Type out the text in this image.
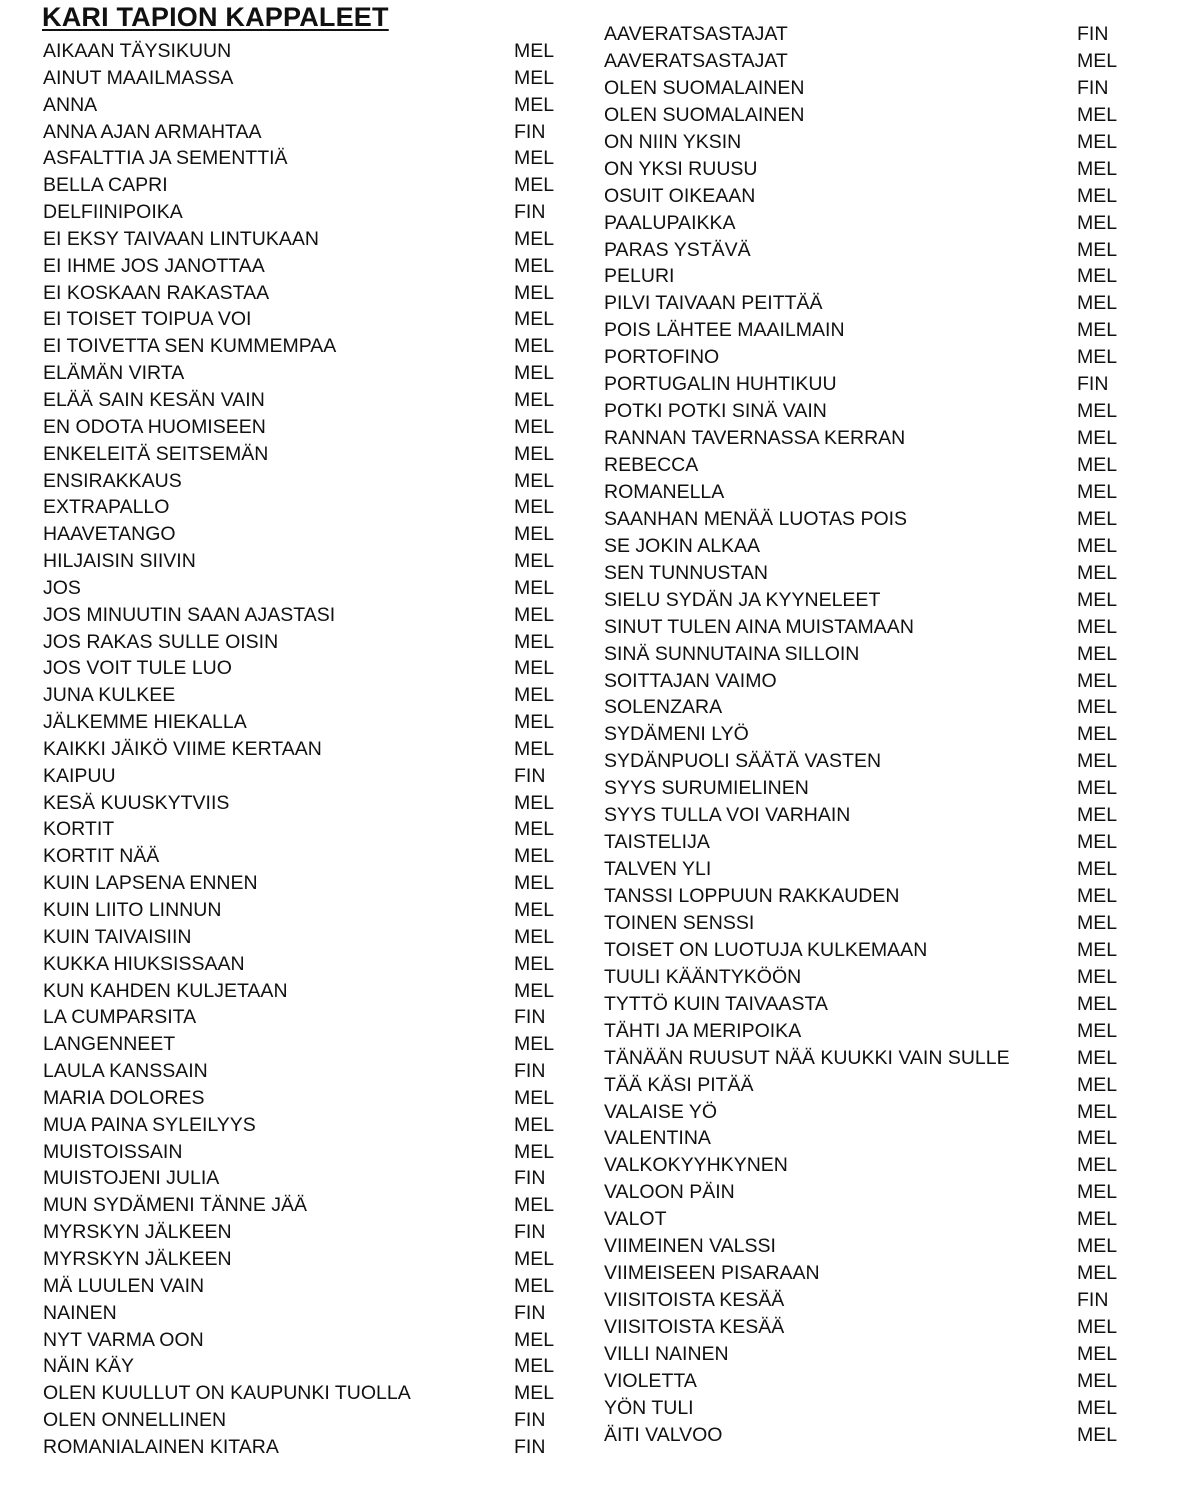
KARI TAPION KAPPALEET
AIKAAN TÄYSIKUUN	MEL
AINUT MAAILMASSA	MEL
ANNA	MEL
ANNA AJAN ARMAHTAA	FIN
ASFALTTIA JA SEMENTTIÄ	MEL
BELLA CAPRI	MEL
DELFIINIPOIKA	FIN
EI EKSY TAIVAAN LINTUKAAN	MEL
EI IHME JOS JANOTTAA	MEL
EI KOSKAAN RAKASTAA	MEL
EI TOISET TOIPUA VOI	MEL
EI TOIVETTA SEN KUMMEMPAA	MEL
ELÄMÄN VIRTA	MEL
ELÄÄ SAIN KESÄN VAIN	MEL
EN ODOTA HUOMISEEN	MEL
ENKELEITÄ SEITSEMÄN	MEL
ENSIRAKKAUS	MEL
EXTRAPALLO	MEL
HAAVETANGO	MEL
HILJAISIN SIIVIN	MEL
JOS	MEL
JOS MINUUTIN SAAN AJASTASI	MEL
JOS RAKAS SULLE OISIN	MEL
JOS VOIT TULE LUO	MEL
JUNA KULKEE	MEL
JÄLKEMME HIEKALLA	MEL
KAIKKI JÄIKÖ VIIME KERTAAN	MEL
KAIPUU	FIN
KESÄ KUUSKYTVIIS	MEL
KORTIT	MEL
KORTIT NÄÄ	MEL
KUIN LAPSENA ENNEN	MEL
KUIN LIITO LINNUN	MEL
KUIN TAIVAISIIN	MEL
KUKKA HIUKSISSAAN	MEL
KUN KAHDEN KULJETAAN	MEL
LA CUMPARSITA	FIN
LANGENNEET	MEL
LAULA KANSSAIN	FIN
MARIA DOLORES	MEL
MUA PAINA SYLEILYYS	MEL
MUISTOISSAIN	MEL
MUISTOJENI JULIA	FIN
MUN SYDÄMENI TÄNNE JÄÄ	MEL
MYRSKYN JÄLKEEN	FIN
MYRSKYN JÄLKEEN	MEL
MÄ LUULEN VAIN	MEL
NAINEN	FIN
NYT VARMA OON	MEL
NÄIN KÄY	MEL
OLEN KUULLUT ON KAUPUNKI TUOLLA	MEL
OLEN ONNELLINEN	FIN
ROMANIALAINEN KITARA	FIN
AAVERATSASTAJAT	FIN
AAVERATSASTAJAT	MEL
OLEN SUOMALAINEN	FIN
OLEN SUOMALAINEN	MEL
ON NIIN YKSIN	MEL
ON YKSI RUUSU	MEL
OSUIT OIKEAAN	MEL
PAALUPAIKKA	MEL
PARAS YSTÄVÄ	MEL
PELURI	MEL
PILVI TAIVAAN PEITTÄÄ	MEL
POIS LÄHTEE MAAILMAIN	MEL
PORTOFINO	MEL
PORTUGALIN HUHTIKUU	FIN
POTKI POTKI SINÄ VAIN	MEL
RANNAN TAVERNASSA KERRAN	MEL
REBECCA	MEL
ROMANELLA	MEL
SAANHAN MENÄÄ LUOTAS POIS	MEL
SE JOKIN ALKAA	MEL
SEN TUNNUSTAN	MEL
SIELU SYDÄN JA KYYNELEET	MEL
SINUT TULEN AINA MUISTAMAAN	MEL
SINÄ SUNNUTAINA SILLOIN	MEL
SOITTAJAN VAIMO	MEL
SOLENZARA	MEL
SYDÄMENI LYÖ	MEL
SYDÄNPUOLI SÄÄTÄ VASTEN	MEL
SYYS SURUMIELINEN	MEL
SYYS TULLA VOI VARHAIN	MEL
TAISTELIJA	MEL
TALVEN YLI	MEL
TANSSI LOPPUUN RAKKAUDEN	MEL
TOINEN SENSSI	MEL
TOISET ON LUOTUJA KULKEMAAN	MEL
TUULI KÄÄNTYKÖÖN	MEL
TYTTÖ KUIN TAIVAASTA	MEL
TÄHTI JA MERIPOIKA	MEL
TÄNÄÄN RUUSUT NÄÄ KUUKKI VAIN SULLE	MEL
TÄÄ KÄSI PITÄÄ	MEL
VALAISE YÖ	MEL
VALENTINA	MEL
VALKOKYYHKYNEN	MEL
VALOON PÄIN	MEL
VALOT	MEL
VIIMEINEN VALSSI	MEL
VIIMEISEEN PISARAAN	MEL
VIISITOISTA KESÄÄ	FIN
VIISITOISTA KESÄÄ	MEL
VILLI NAINEN	MEL
VIOLETTA	MEL
YÖN TULI	MEL
ÄITI VALVOO	MEL
